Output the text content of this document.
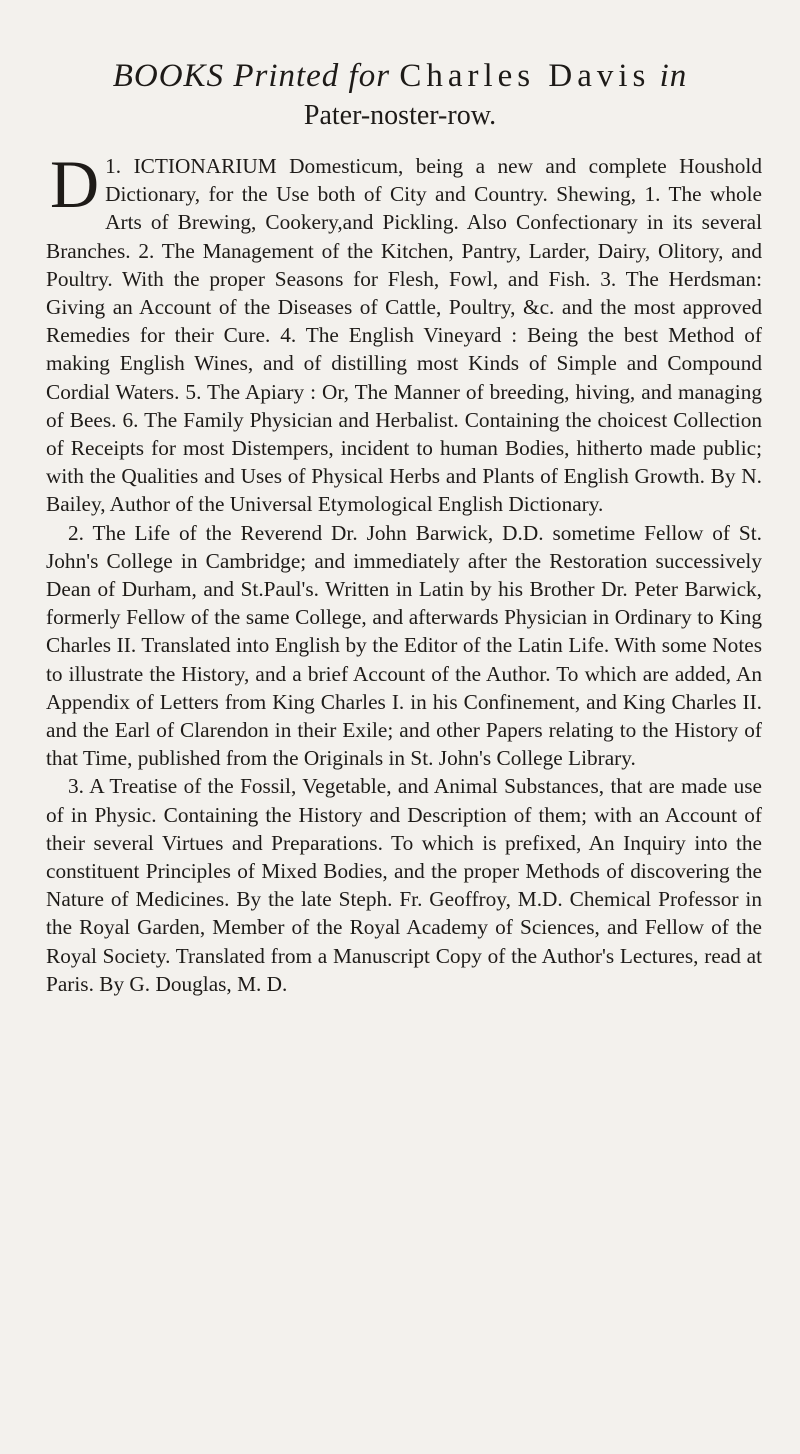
BOOKS Printed for Charles Davis in
Pater-noster-row.

1.
D ICTIONARIUM Domesticum, being a new and complete Houshold Dictionary, for the Use both of City and Country. Shewing, 1. The whole Arts of Brewing, Cookery,and Pickling. Also Confectionary in its several Branches. 2. The Management of the Kitchen, Pantry, Larder, Dairy, Olitory, and Poultry. With the proper Seasons for Flesh, Fowl, and Fish. 3. The Herdsman: Giving an Account of the Diseases of Cattle, Poultry, &c. and the most approved Remedies for their Cure. 4. The English Vineyard : Being the best Method of making English Wines, and of distilling most Kinds of Simple and Compound Cordial Waters. 5. The Apiary : Or, The Manner of breeding, hiving, and managing of Bees. 6. The Family Physician and Herbalist. Containing the choicest Collection of Receipts for most Distempers, incident to human Bodies, hitherto made public; with the Qualities and Uses of Physical Herbs and Plants of English Growth. By N. Bailey, Author of the Universal Etymological English Dictionary.

2. The Life of the Reverend Dr. John Barwick, D.D. sometime Fellow of St. John's College in Cambridge; and immediately after the Restoration successively Dean of Durham, and St.Paul's. Written in Latin by his Brother Dr. Peter Barwick, formerly Fellow of the same College, and afterwards Physician in Ordinary to King Charles II. Translated into English by the Editor of the Latin Life. With some Notes to illustrate the History, and a brief Account of the Author. To which are added, An Appendix of Letters from King Charles I. in his Confinement, and King Charles II. and the Earl of Clarendon in their Exile; and other Papers relating to the History of that Time, published from the Originals in St. John's College Library.

3. A Treatise of the Fossil, Vegetable, and Animal Substances, that are made use of in Physic. Containing the History and Description of them; with an Account of their several Virtues and Preparations. To which is prefixed, An Inquiry into the constituent Principles of Mixed Bodies, and the proper Methods of discovering the Nature of Medicines. By the late Steph. Fr. Geoffroy, M.D. Chemical Professor in the Royal Garden, Member of the Royal Academy of Sciences, and Fellow of the Royal Society. Translated from a Manuscript Copy of the Author's Lectures, read at Paris. By G. Douglas, M. D.
